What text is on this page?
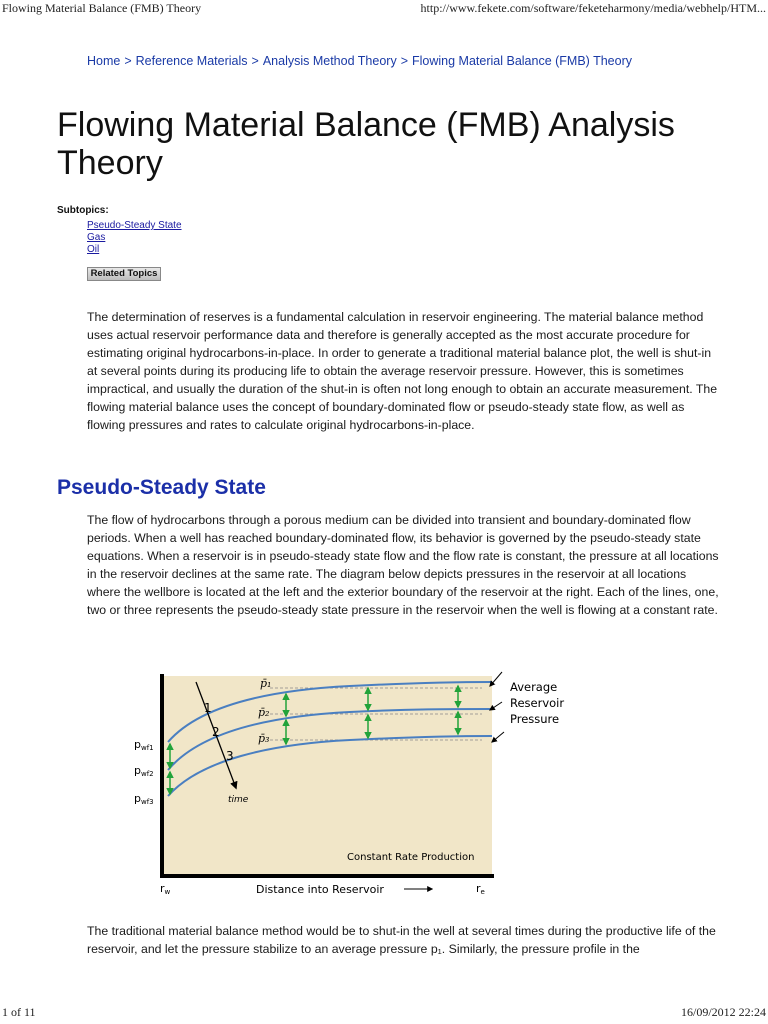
Flowing Material Balance (FMB) Theory	http://www.fekete.com/software/feketeharmony/media/webhelp/HTM...
Home > Reference Materials > Analysis Method Theory > Flowing Material Balance (FMB) Theory
Flowing Material Balance (FMB) Analysis Theory
Subtopics:
Pseudo-Steady State
Gas
Oil
Related Topics

The determination of reserves is a fundamental calculation in reservoir engineering. The material balance method uses actual reservoir performance data and therefore is generally accepted as the most accurate procedure for estimating original hydrocarbons-in-place. In order to generate a traditional material balance plot, the well is shut-in at several points during its producing life to obtain the average reservoir pressure. However, this is sometimes impractical, and usually the duration of the shut-in is often not long enough to obtain an accurate measurement. The flowing material balance uses the concept of boundary-dominated flow or pseudo-steady state flow, as well as flowing pressures and rates to calculate original hydrocarbons-in-place.

Pseudo-Steady State

The flow of hydrocarbons through a porous medium can be divided into transient and boundary-dominated flow periods. When a well has reached boundary-dominated flow, its behavior is governed by the pseudo-steady state equations. When a reservoir is in pseudo-steady state flow and the flow rate is constant, the pressure at all locations in the reservoir declines at the same rate. The diagram below depicts pressures in the reservoir at all locations where the wellbore is located at the left and the exterior boundary of the reservoir at the right. Each of the lines, one, two or three represents the pseudo-steady state pressure in the reservoir when the well is flowing at a constant rate.

1
2
3
time
p̄₁
p̄₂
p̄₃
pwf1
pwf2
pwf3
Average
Reservoir
Pressure
Constant Rate Production
rw	re
Distance into Reservoir

The traditional material balance method would be to shut-in the well at several times during the productive life of the reservoir, and let the pressure stabilize to an average pressure p₁. Similarly, the pressure profile in the

1 of 11	16/09/2012 22:24
